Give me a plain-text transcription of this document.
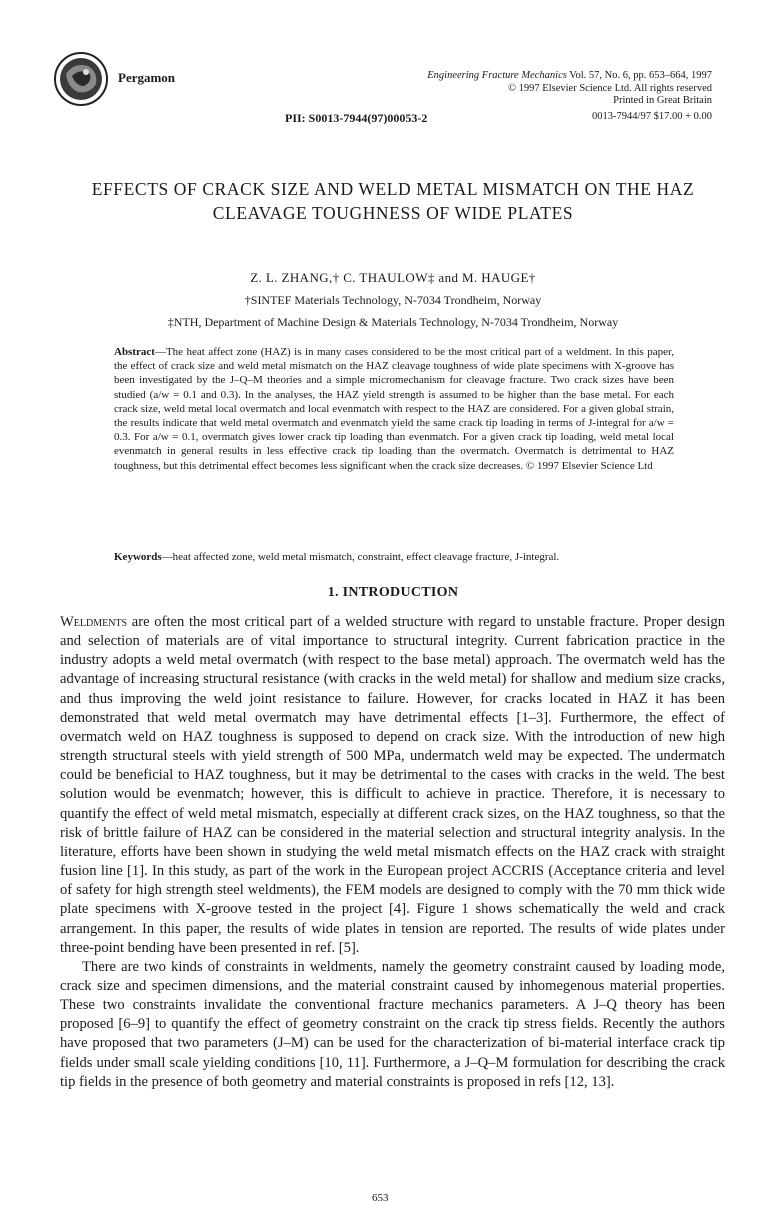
Pergamon	Engineering Fracture Mechanics Vol. 57, No. 6, pp. 653–664, 1997
© 1997 Elsevier Science Ltd. All rights reserved
Printed in Great Britain
PII: S0013-7944(97)00053-2	0013-7944/97 $17.00 + 0.00
EFFECTS OF CRACK SIZE AND WELD METAL MISMATCH ON THE HAZ CLEAVAGE TOUGHNESS OF WIDE PLATES
Z. L. ZHANG,† C. THAULOW‡ and M. HAUGE†
†SINTEF Materials Technology, N-7034 Trondheim, Norway
‡NTH, Department of Machine Design & Materials Technology, N-7034 Trondheim, Norway
Abstract—The heat affect zone (HAZ) is in many cases considered to be the most critical part of a weldment. In this paper, the effect of crack size and weld metal mismatch on the HAZ cleavage toughness of wide plate specimens with X-groove has been investigated by the J–Q–M theories and a simple micromechanism for cleavage fracture. Two crack sizes have been studied (a/w = 0.1 and 0.3). In the analyses, the HAZ yield strength is assumed to be higher than the base metal. For each crack size, weld metal local overmatch and local evenmatch with respect to the HAZ are considered. For a given global strain, the results indicate that weld metal overmatch and evenmatch yield the same crack tip loading in terms of J-integral for a/w = 0.3. For a/w = 0.1, overmatch gives lower crack tip loading than evenmatch. For a given crack tip loading, weld metal local evenmatch in general results in less effective crack tip loading than the overmatch. Overmatch is detrimental to HAZ toughness, but this detrimental effect becomes less significant when the crack size decreases. © 1997 Elsevier Science Ltd
Keywords—heat affected zone, weld metal mismatch, constraint, effect cleavage fracture, J-integral.
1. INTRODUCTION

Weldments are often the most critical part of a welded structure with regard to unstable fracture. Proper design and selection of materials are of vital importance to structural integrity. Current fabrication practice in the industry adopts a weld metal overmatch (with respect to the base metal) approach. The overmatch weld has the advantage of increasing structural resistance (with cracks in the weld metal) for shallow and medium size cracks, and thus improving the weld joint resistance to failure. However, for cracks located in HAZ it has been demonstrated that weld metal overmatch may have detrimental effects [1–3]. Furthermore, the effect of overmatch weld on HAZ toughness is supposed to depend on crack size. With the introduction of new high strength structural steels with yield strength of 500 MPa, undermatch weld may be expected. The undermatch could be beneficial to HAZ toughness, but it may be detrimental to the cases with cracks in the weld. The best solution would be evenmatch; however, this is difficult to achieve in practice. Therefore, it is necessary to quantify the effect of weld metal mismatch, especially at different crack sizes, on the HAZ toughness, so that the risk of brittle failure of HAZ can be considered in the material selection and structural integrity analysis. In the literature, efforts have been shown in studying the weld metal mismatch effects on the HAZ crack with straight fusion line [1]. In this study, as part of the work in the European project ACCRIS (Acceptance criteria and level of safety for high strength steel weldments), the FEM models are designed to comply with the 70 mm thick wide plate specimens with X-groove tested in the project [4]. Figure 1 shows schematically the weld and crack arrangement. In this paper, the results of wide plates in tension are reported. The results of wide plates under three-point bending have been presented in ref. [5].

There are two kinds of constraints in weldments, namely the geometry constraint caused by loading mode, crack size and specimen dimensions, and the material constraint caused by inhomegenous material properties. These two constraints invalidate the conventional fracture mechanics parameters. A J–Q theory has been proposed [6–9] to quantify the effect of geometry constraint on the crack tip stress fields. Recently the authors have proposed that two parameters (J–M) can be used for the characterization of bi-material interface crack tip fields under small scale yielding conditions [10, 11]. Furthermore, a J–Q–M formulation for describing the crack tip fields in the presence of both geometry and material constraints is proposed in refs [12, 13].

653
